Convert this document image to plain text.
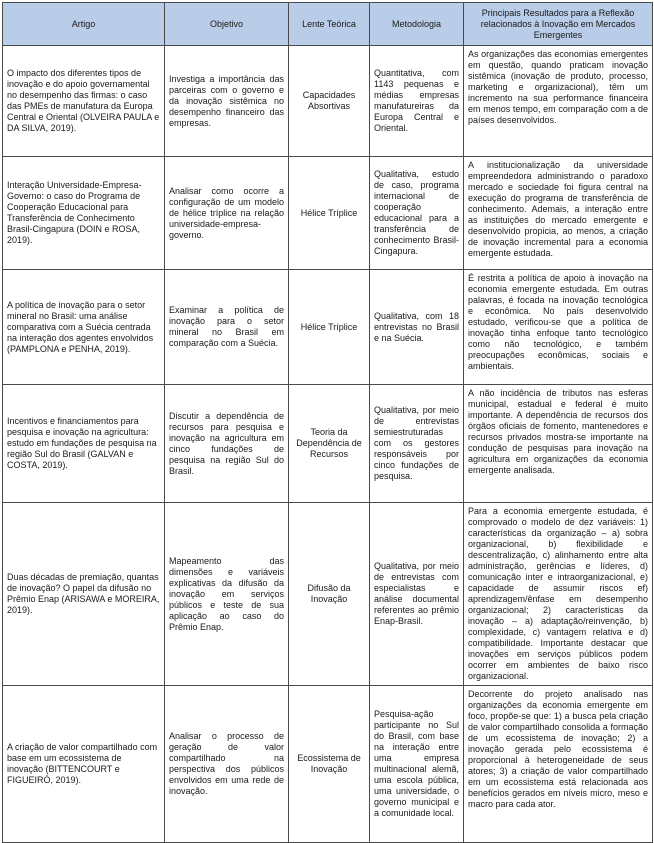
Artigo	Objetivo	Lente Teórica	Metodologia	Principais Resultados para a Reflexão relacionados à Inovação em Mercados Emergentes
O impacto dos diferentes tipos de inovação e do apoio governamental no desempenho das firmas: o caso das PMEs de manufatura da Europa Central e Oriental (OLVEIRA PAULA e DA SILVA, 2019).	Investiga a importância das parceiras com o governo e da inovação sistêmica no desempenho financeiro das empresas.	Capacidades Absortivas	Quantitativa, com 1143 pequenas e médias empresas manufatureiras da Europa Central e Oriental.	As organizações das economias emergentes em questão, quando praticam inovação sistêmica (inovação de produto, processo, marketing e organizacional), têm um incremento na sua performance financeira em menos tempo, em comparação com a de países desenvolvidos.
Interação Universidade-Empresa-Governo: o caso do Programa de Cooperação Educacional para Transferência de Conhecimento Brasil-Cingapura (DOIN e ROSA, 2019).	Analisar como ocorre a configuração de um modelo de hélice tríplice na relação universidade-empresa-governo.	Hélice Tríplice	Qualitativa, estudo de caso, programa internacional de cooperação educacional para a transferência de conhecimento Brasil-Cingapura.	A institucionalização da universidade empreendedora administrando o paradoxo mercado e sociedade foi figura central na execução do programa de transferência de conhecimento. Ademais, a interação entre as instituições do mercado emergente e desenvolvido propicia, ao menos, a criação de inovação incremental para a economia emergente estudada.
A política de inovação para o setor mineral no Brasil: uma análise comparativa com a Suécia centrada na interação dos agentes envolvidos (PAMPLONA e PENHA, 2019).	Examinar a política de inovação para o setor mineral no Brasil em comparação com a Suécia.	Hélice Tríplice	Qualitativa, com 18 entrevistas no Brasil e na Suécia.	É restrita a política de apoio à inovação na economia emergente estudada. Em outras palavras, é focada na inovação tecnológica e econômica. No país desenvolvido estudado, verificou-se que a política de inovação tinha enfoque tanto tecnológico como não tecnológico, e também preocupações econômicas, sociais e ambientais.
Incentivos e financiamentos para pesquisa e inovação na agricultura: estudo em fundações de pesquisa na região Sul do Brasil (GALVAN e COSTA, 2019).	Discutir a dependência de recursos para pesquisa e inovação na agricultura em cinco fundações de pesquisa na região Sul do Brasil.	Teoria da Dependência de Recursos	Qualitativa, por meio de entrevistas semiestruturadas com os gestores responsáveis por cinco fundações de pesquisa.	A não incidência de tributos nas esferas municipal, estadual e federal é muito importante. A dependência de recursos dos órgãos oficiais de fomento, mantenedores e recursos privados mostra-se importante na condução de pesquisas para inovação na agricultura em organizações da economia emergente analisada.
Duas décadas de premiação, quantas de inovação? O papel da difusão no Prêmio Enap (ARISAWA e MOREIRA, 2019).	Mapeamento das dimensões e variáveis explicativas da difusão da inovação em serviços públicos e teste de sua aplicação ao caso do Prêmio Enap.	Difusão da Inovação	Qualitativa, por meio de entrevistas com especialistas e análise documental referentes ao prêmio Enap-Brasil.	Para a economia emergente estudada, é comprovado o modelo de dez variáveis: 1) características da organização – a) sobra organizacional, b) flexibilidade e descentralização, c) alinhamento entre alta administração, gerências e líderes, d) comunicação inter e intraorganizacional, e) capacidade de assumir riscos ef) aprendizagem/ênfase em desempenho organizacional; 2) características da inovação – a) adaptação/reinvenção, b) complexidade, c) vantagem relativa e d) compatibilidade. Importante destacar que inovações em serviços públicos podem ocorrer em ambientes de baixo risco organizacional.
A criação de valor compartilhado com base em um ecossistema de inovação (BITTENCOURT e FIGUEIRÓ, 2019).	Analisar o processo de geração de valor compartilhado na perspectiva dos públicos envolvidos em uma rede de inovação.	Ecossistema de Inovação	Pesquisa-ação participante no Sul do Brasil, com base na interação entre uma empresa multinacional alemã, uma escola pública, uma universidade, o governo municipal e a comunidade local.	Decorrente do projeto analisado nas organizações da economia emergente em foco, propõe-se que: 1) a busca pela criação de valor compartilhado consolida a formação de um ecossistema de inovação; 2) a inovação gerada pelo ecossistema é proporcional à heterogeneidade de seus atores; 3) a criação de valor compartilhado em um ecossistema está relacionada aos benefícios gerados em níveis micro, meso e macro para cada ator.
